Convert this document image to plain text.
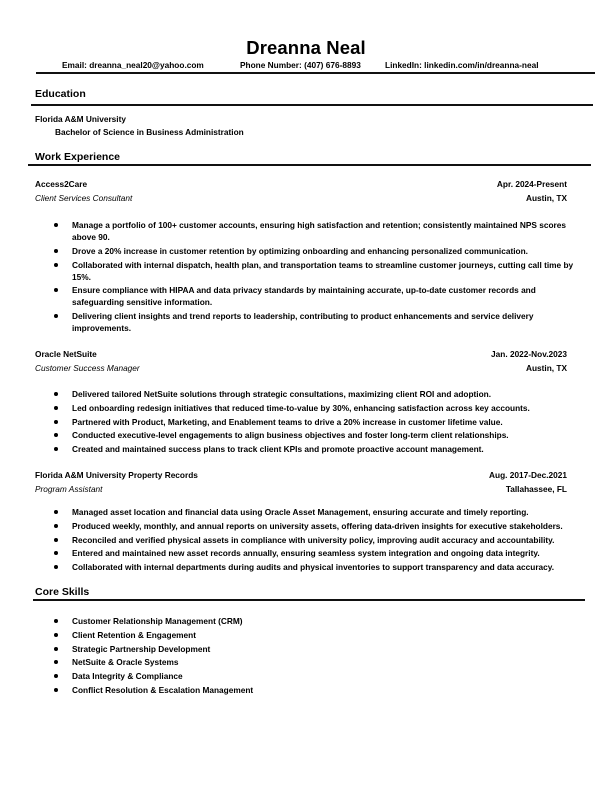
Dreanna Neal
Email: dreanna_neal20@yahoo.com	Phone Number: (407) 676-8893	LinkedIn: linkedin.com/in/dreanna-neal
Education
Florida A&M University
Bachelor of Science in Business Administration
Work Experience
Access2Care	Apr. 2024-Present
Client Services Consultant	Austin, TX
Manage a portfolio of 100+ customer accounts, ensuring high satisfaction and retention; consistently maintained NPS scores above 90.
Drove a 20% increase in customer retention by optimizing onboarding and enhancing personalized communication.
Collaborated with internal dispatch, health plan, and transportation teams to streamline customer journeys, cutting call time by 15%.
Ensure compliance with HIPAA and data privacy standards by maintaining accurate, up-to-date customer records and safeguarding sensitive information.
Delivering client insights and trend reports to leadership, contributing to product enhancements and service delivery improvements.
Oracle NetSuite	Jan. 2022-Nov.2023
Customer Success Manager	Austin, TX
Delivered tailored NetSuite solutions through strategic consultations, maximizing client ROI and adoption.
Led onboarding redesign initiatives that reduced time-to-value by 30%, enhancing satisfaction across key accounts.
Partnered with Product, Marketing, and Enablement teams to drive a 20% increase in customer lifetime value.
Conducted executive-level engagements to align business objectives and foster long-term client relationships.
Created and maintained success plans to track client KPIs and promote proactive account management.
Florida A&M University Property Records	Aug. 2017-Dec.2021
Program Assistant	Tallahassee, FL
Managed asset location and financial data using Oracle Asset Management, ensuring accurate and timely reporting.
Produced weekly, monthly, and annual reports on university assets, offering data-driven insights for executive stakeholders.
Reconciled and verified physical assets in compliance with university policy, improving audit accuracy and accountability.
Entered and maintained new asset records annually, ensuring seamless system integration and ongoing data integrity.
Collaborated with internal departments during audits and physical inventories to support transparency and data accuracy.
Core Skills
Customer Relationship Management (CRM)
Client Retention & Engagement
Strategic Partnership Development
NetSuite & Oracle Systems
Data Integrity & Compliance
Conflict Resolution & Escalation Management
